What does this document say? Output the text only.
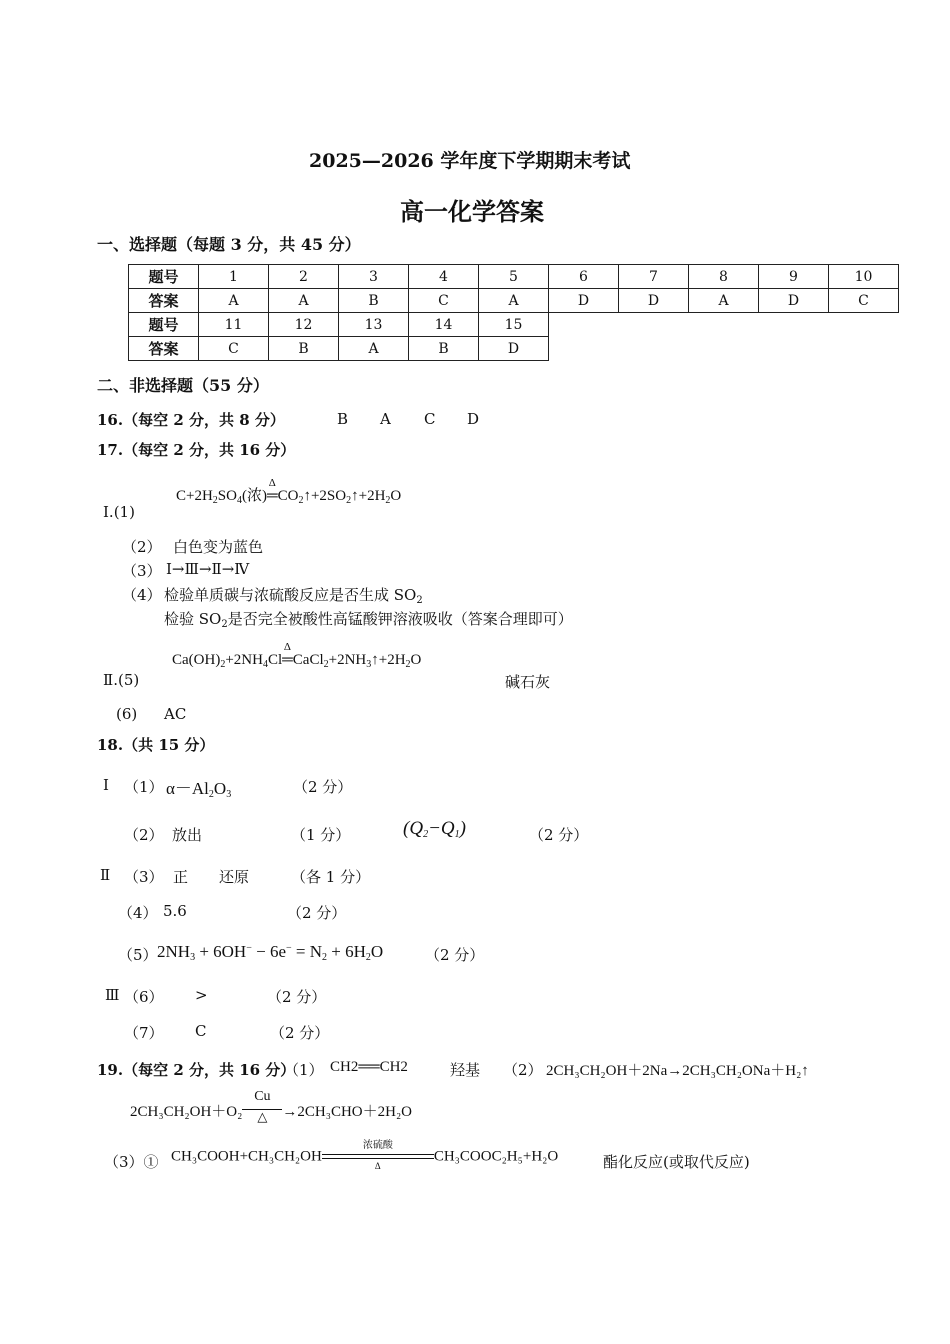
2025—2026 学年度下学期期末考试
高一化学答案
一、选择题（每题 3 分，共 45 分）
题号	1	2	3	4	5	6	7	8	9	10
答案	A	A	B	C	A	D	D	A	D	C
题号	11	12	13	14	15					
答案	C	B	A	B	D					
二、非选择题（55 分）
16.（每空 2 分，共 8 分）	B A C D
17.（每空 2 分，共 16 分）
$C+2H_2SO_4$(浓)
Δ
$═CO_2↑+2SO_2↑+2H_2O$
Ⅰ.(1)
（2） 白色变为蓝色
（3） Ⅰ→Ⅲ→Ⅱ→Ⅳ
（4） 检验单质碳与浓硫酸反应是否生成 $SO_2$
检验 $SO_2$是否完全被酸性高锰酸钾溶液吸收（答案合理即可）
$Ca(OH)_2+2NH_4Cl$
Δ
$═CaCl_2+2NH_3↑+2H_2O$
Ⅱ.(5)	碱石灰
(6) AC
18.（共 15 分）
Ⅰ （1） $\alpha-Al_2O_3$	（2 分）
（2） 放出	（1 分）	$(Q_2-Q_1)$	（2 分）
Ⅱ （3） 正 还原	（各 1 分）
（4） 5.6	（2 分）
（5） $2NH_3 + 6OH^- - 6e^- = N_2 + 6H_2O$	（2 分）
Ⅲ （6） >	（2 分）
（7） C	（2 分）
19.（每空 2 分，共 16 分）
（1） CH2══CH2	羟基 （2） 2CH₃CH₂OH＋2Na→2CH₃CH₂ONa＋H₂↑
2CH₃CH₂OH＋O₂
Cu
△	→2CH₃CHO＋2H₂O
（3）① CH₃COOH+CH₃CH₂OH
浓硫酸
Δ
CH₃COOC₂H₅+H₂O	酯化反应(或取代反应)
